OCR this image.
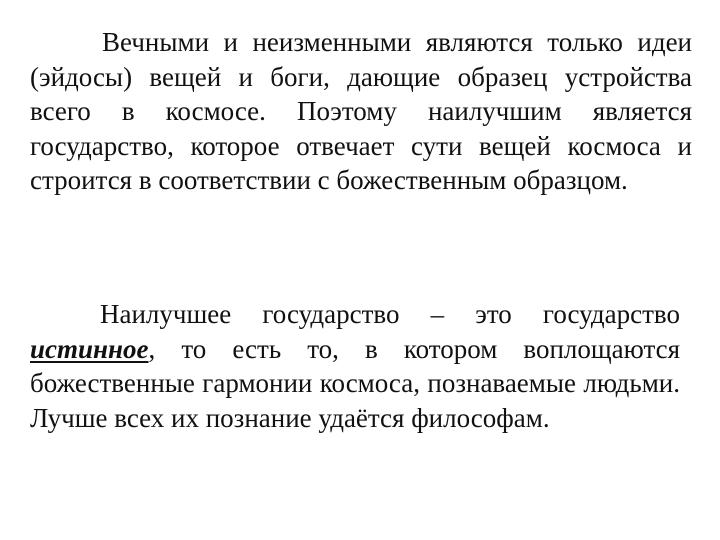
Вечными и неизменными являются только идеи (эйдосы) вещей и боги, дающие образец устройства всего в космосе. Поэтому наилучшим является государство, которое отвечает сути вещей космоса и строится в соответствии с божественным образцом.

Наилучшее государство – это государство истинное, то есть то, в котором воплощаются божественные гармонии космоса, познаваемые людьми. Лучше всех их познание удаётся философам.
